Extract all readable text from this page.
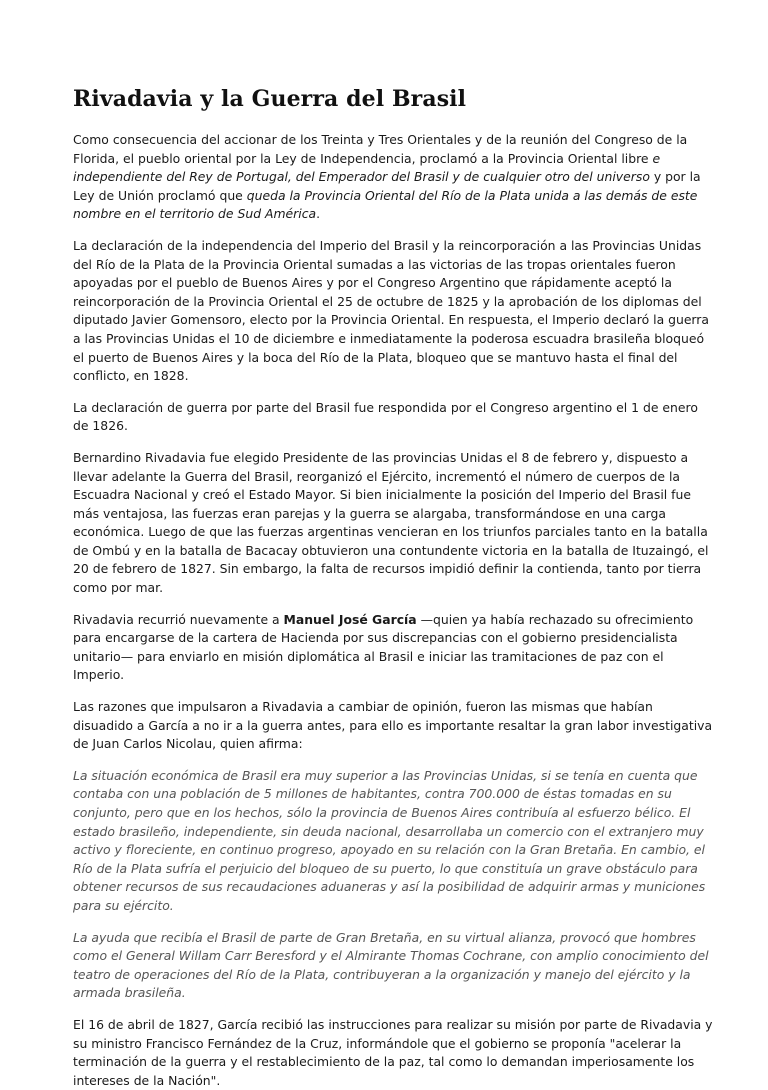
Rivadavia y la Guerra del Brasil

Como consecuencia del accionar de los Treinta y Tres Orientales y de la reunión del Congreso de la Florida, el pueblo oriental por la Ley de Independencia, proclamó a la Provincia Oriental libre e independiente del Rey de Portugal, del Emperador del Brasil y de cualquier otro del universo y por la Ley de Unión proclamó que queda la Provincia Oriental del Río de la Plata unida a las demás de este nombre en el territorio de Sud América.

La declaración de la independencia del Imperio del Brasil y la reincorporación a las Provincias Unidas del Río de la Plata de la Provincia Oriental sumadas a las victorias de las tropas orientales fueron apoyadas por el pueblo de Buenos Aires y por el Congreso Argentino que rápidamente aceptó la reincorporación de la Provincia Oriental el 25 de octubre de 1825 y la aprobación de los diplomas del diputado Javier Gomensoro, electo por la Provincia Oriental. En respuesta, el Imperio declaró la guerra a las Provincias Unidas el 10 de diciembre e inmediatamente la poderosa escuadra brasileña bloqueó el puerto de Buenos Aires y la boca del Río de la Plata, bloqueo que se mantuvo hasta el final del conflicto, en 1828.

La declaración de guerra por parte del Brasil fue respondida por el Congreso argentino el 1 de enero de 1826.

Bernardino Rivadavia fue elegido Presidente de las provincias Unidas el 8 de febrero y, dispuesto a llevar adelante la Guerra del Brasil, reorganizó el Ejército, incrementó el número de cuerpos de la Escuadra Nacional y creó el Estado Mayor. Si bien inicialmente la posición del Imperio del Brasil fue más ventajosa, las fuerzas eran parejas y la guerra se alargaba, transformándose en una carga económica. Luego de que las fuerzas argentinas vencieran en los triunfos parciales tanto en la batalla de Ombú y en la batalla de Bacacay obtuvieron una contundente victoria en la batalla de Ituzaingó, el 20 de febrero de 1827. Sin embargo, la falta de recursos impidió definir la contienda, tanto por tierra como por mar.

Rivadavia recurrió nuevamente a Manuel José García —quien ya había rechazado su ofrecimiento para encargarse de la cartera de Hacienda por sus discrepancias con el gobierno presidencialista unitario— para enviarlo en misión diplomática al Brasil e iniciar las tramitaciones de paz con el Imperio.

Las razones que impulsaron a Rivadavia a cambiar de opinión, fueron las mismas que habían disuadido a García a no ir a la guerra antes, para ello es importante resaltar la gran labor investigativa de Juan Carlos Nicolau, quien afirma:

La situación económica de Brasil era muy superior a las Provincias Unidas, si se tenía en cuenta que contaba con una población de 5 millones de habitantes, contra 700.000 de éstas tomadas en su conjunto, pero que en los hechos, sólo la provincia de Buenos Aires contribuía al esfuerzo bélico. El estado brasileño, independiente, sin deuda nacional, desarrollaba un comercio con el extranjero muy activo y floreciente, en continuo progreso, apoyado en su relación con la Gran Bretaña. En cambio, el Río de la Plata sufría el perjuicio del bloqueo de su puerto, lo que constituía un grave obstáculo para obtener recursos de sus recaudaciones aduaneras y así la posibilidad de adquirir armas y municiones para su ejército.

La ayuda que recibía el Brasil de parte de Gran Bretaña, en su virtual alianza, provocó que hombres como el General Willam Carr Beresford y el Almirante Thomas Cochrane, con amplio conocimiento del teatro de operaciones del Río de la Plata, contribuyeran a la organización y manejo del ejército y la armada brasileña.

El 16 de abril de 1827, García recibió las instrucciones para realizar su misión por parte de Rivadavia y su ministro Francisco Fernández de la Cruz, informándole que el gobierno se proponía "acelerar la terminación de la guerra y el restablecimiento de la paz, tal como lo demandan imperiosamente los intereses de la Nación".
